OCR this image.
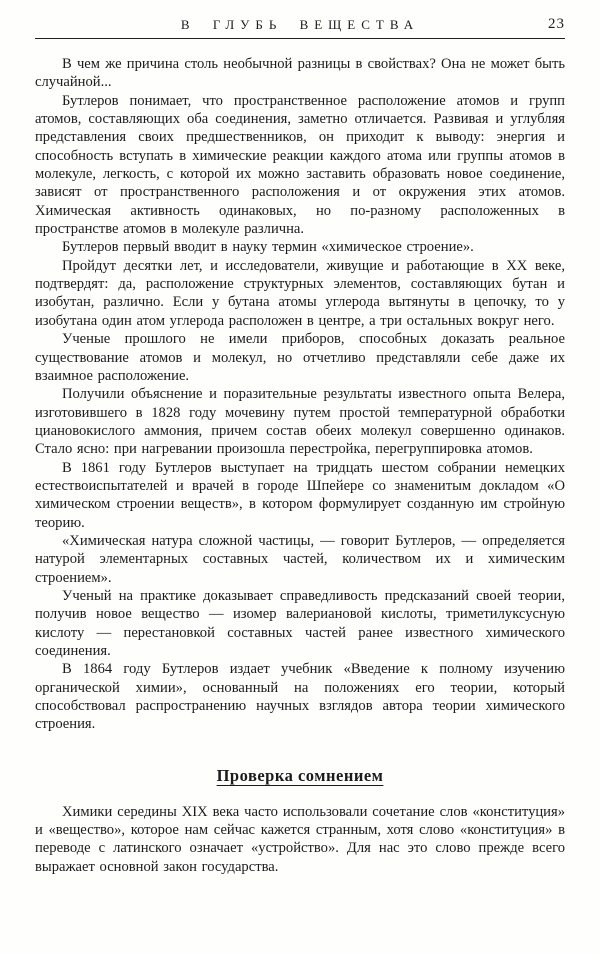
В ГЛУБЬ ВЕЩЕСТВА	23

В чем же причина столь необычной разницы в свойствах? Она не может быть случайной...

Бутлеров понимает, что пространственное расположение атомов и групп атомов, составляющих оба соединения, заметно отличается. Развивая и углубляя представления своих предшественников, он приходит к выводу: энергия и способность вступать в химические реакции каждого атома или группы атомов в молекуле, легкость, с которой их можно заставить образовать новое соединение, зависят от пространственного расположения и от окружения этих атомов. Химическая активность одинаковых, но по-разному расположенных в пространстве атомов в молекуле различна.

Бутлеров первый вводит в науку термин «химическое строение».

Пройдут десятки лет, и исследователи, живущие и работающие в XX веке, подтвердят: да, расположение структурных элементов, составляющих бутан и изобутан, различно. Если у бутана атомы углерода вытянуты в цепочку, то у изобутана один атом углерода расположен в центре, а три остальных вокруг него.

Ученые прошлого не имели приборов, способных доказать реальное существование атомов и молекул, но отчетливо представляли себе даже их взаимное расположение.

Получили объяснение и поразительные результаты известного опыта Велера, изготовившего в 1828 году мочевину путем простой температурной обработки циановокислого аммония, причем состав обеих молекул совершенно одинаков. Стало ясно: при нагревании произошла перестройка, перегруппировка атомов.

В 1861 году Бутлеров выступает на тридцать шестом собрании немецких естествоиспытателей и врачей в городе Шпейере со знаменитым докладом «О химическом строении веществ», в котором формулирует созданную им стройную теорию.

«Химическая натура сложной частицы, — говорит Бутлеров, — определяется натурой элементарных составных частей, количеством их и химическим строением».

Ученый на практике доказывает справедливость предсказаний своей теории, получив новое вещество — изомер валериановой кислоты, триметилуксусную кислоту — перестановкой составных частей ранее известного химического соединения.

В 1864 году Бутлеров издает учебник «Введение к полному изучению органической химии», основанный на положениях его теории, который способствовал распространению научных взглядов автора теории химического строения.

Проверка сомнением

Химики середины XIX века часто использовали сочетание слов «конституция» и «вещество», которое нам сейчас кажется странным, хотя слово «конституция» в переводе с латинского означает «устройство». Для нас это слово прежде всего выражает основной закон государства.
